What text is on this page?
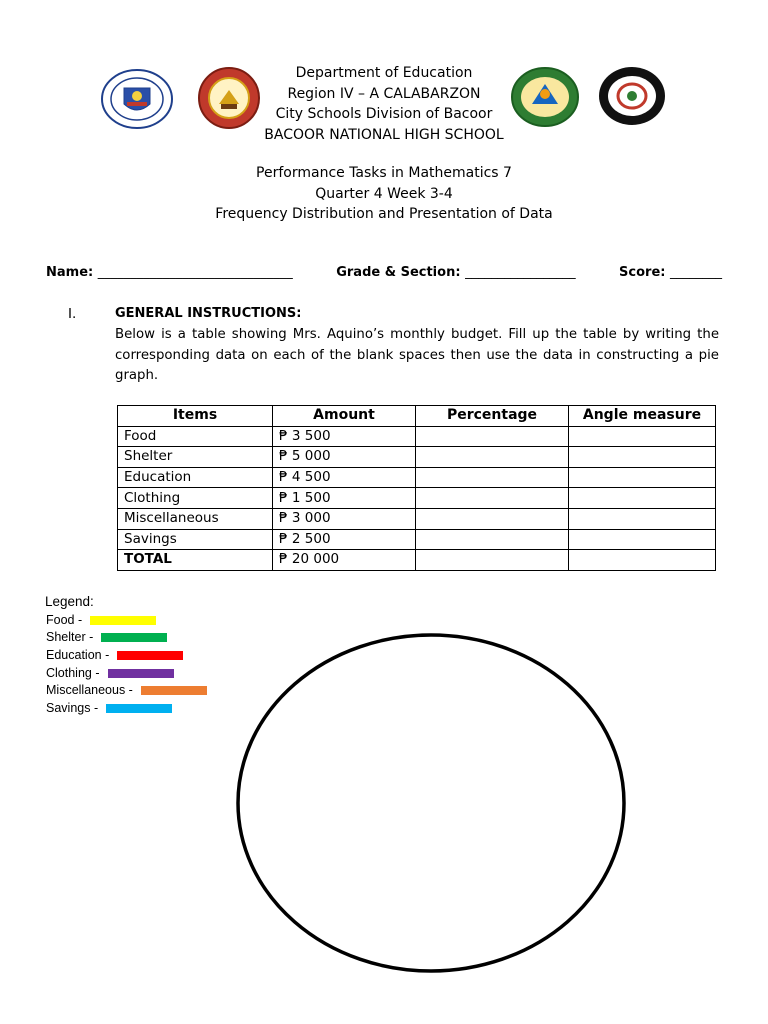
Department of Education
Region IV – A CALABARZON
City Schools Division of Bacoor
BACOOR NATIONAL HIGH SCHOOL
Performance Tasks in Mathematics 7
Quarter 4 Week 3-4
Frequency Distribution and Presentation of Data
Name: ______________________________	Grade & Section: _________________	Score: ________
I.	GENERAL INSTRUCTIONS:
Below is a table showing Mrs. Aquino’s monthly budget. Fill up the table by writing the corresponding data on each of the blank spaces then use the data in constructing a pie graph.
Items	Amount	Percentage	Angle measure
Food	₱ 3 500		
Shelter	₱ 5 000		
Education	₱ 4 500		
Clothing	₱ 1 500		
Miscellaneous	₱ 3 000		
Savings	₱ 2 500		
TOTAL	₱ 20 000		
Legend:
Food -
Shelter -
Education -
Clothing -
Miscellaneous -
Savings -
